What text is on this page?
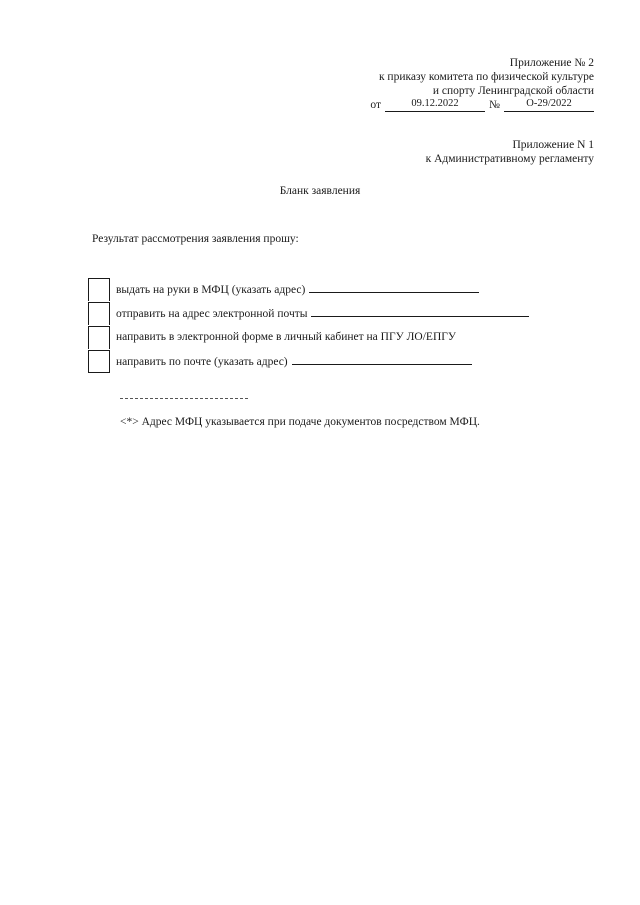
Приложение № 2
к приказу комитета по физической культуре
и спорту Ленинградской области
от	09.12.2022	№	О-29/2022
Приложение N 1
к Административному регламенту
Бланк заявления
Результат рассмотрения заявления прошу:
выдать на руки в МФЦ (указать адрес)
отправить на адрес электронной почты
направить в электронной форме в личный кабинет на ПГУ ЛО/ЕПГУ
направить по почте (указать адрес)
<*> Адрес МФЦ указывается при подаче документов посредством МФЦ.
